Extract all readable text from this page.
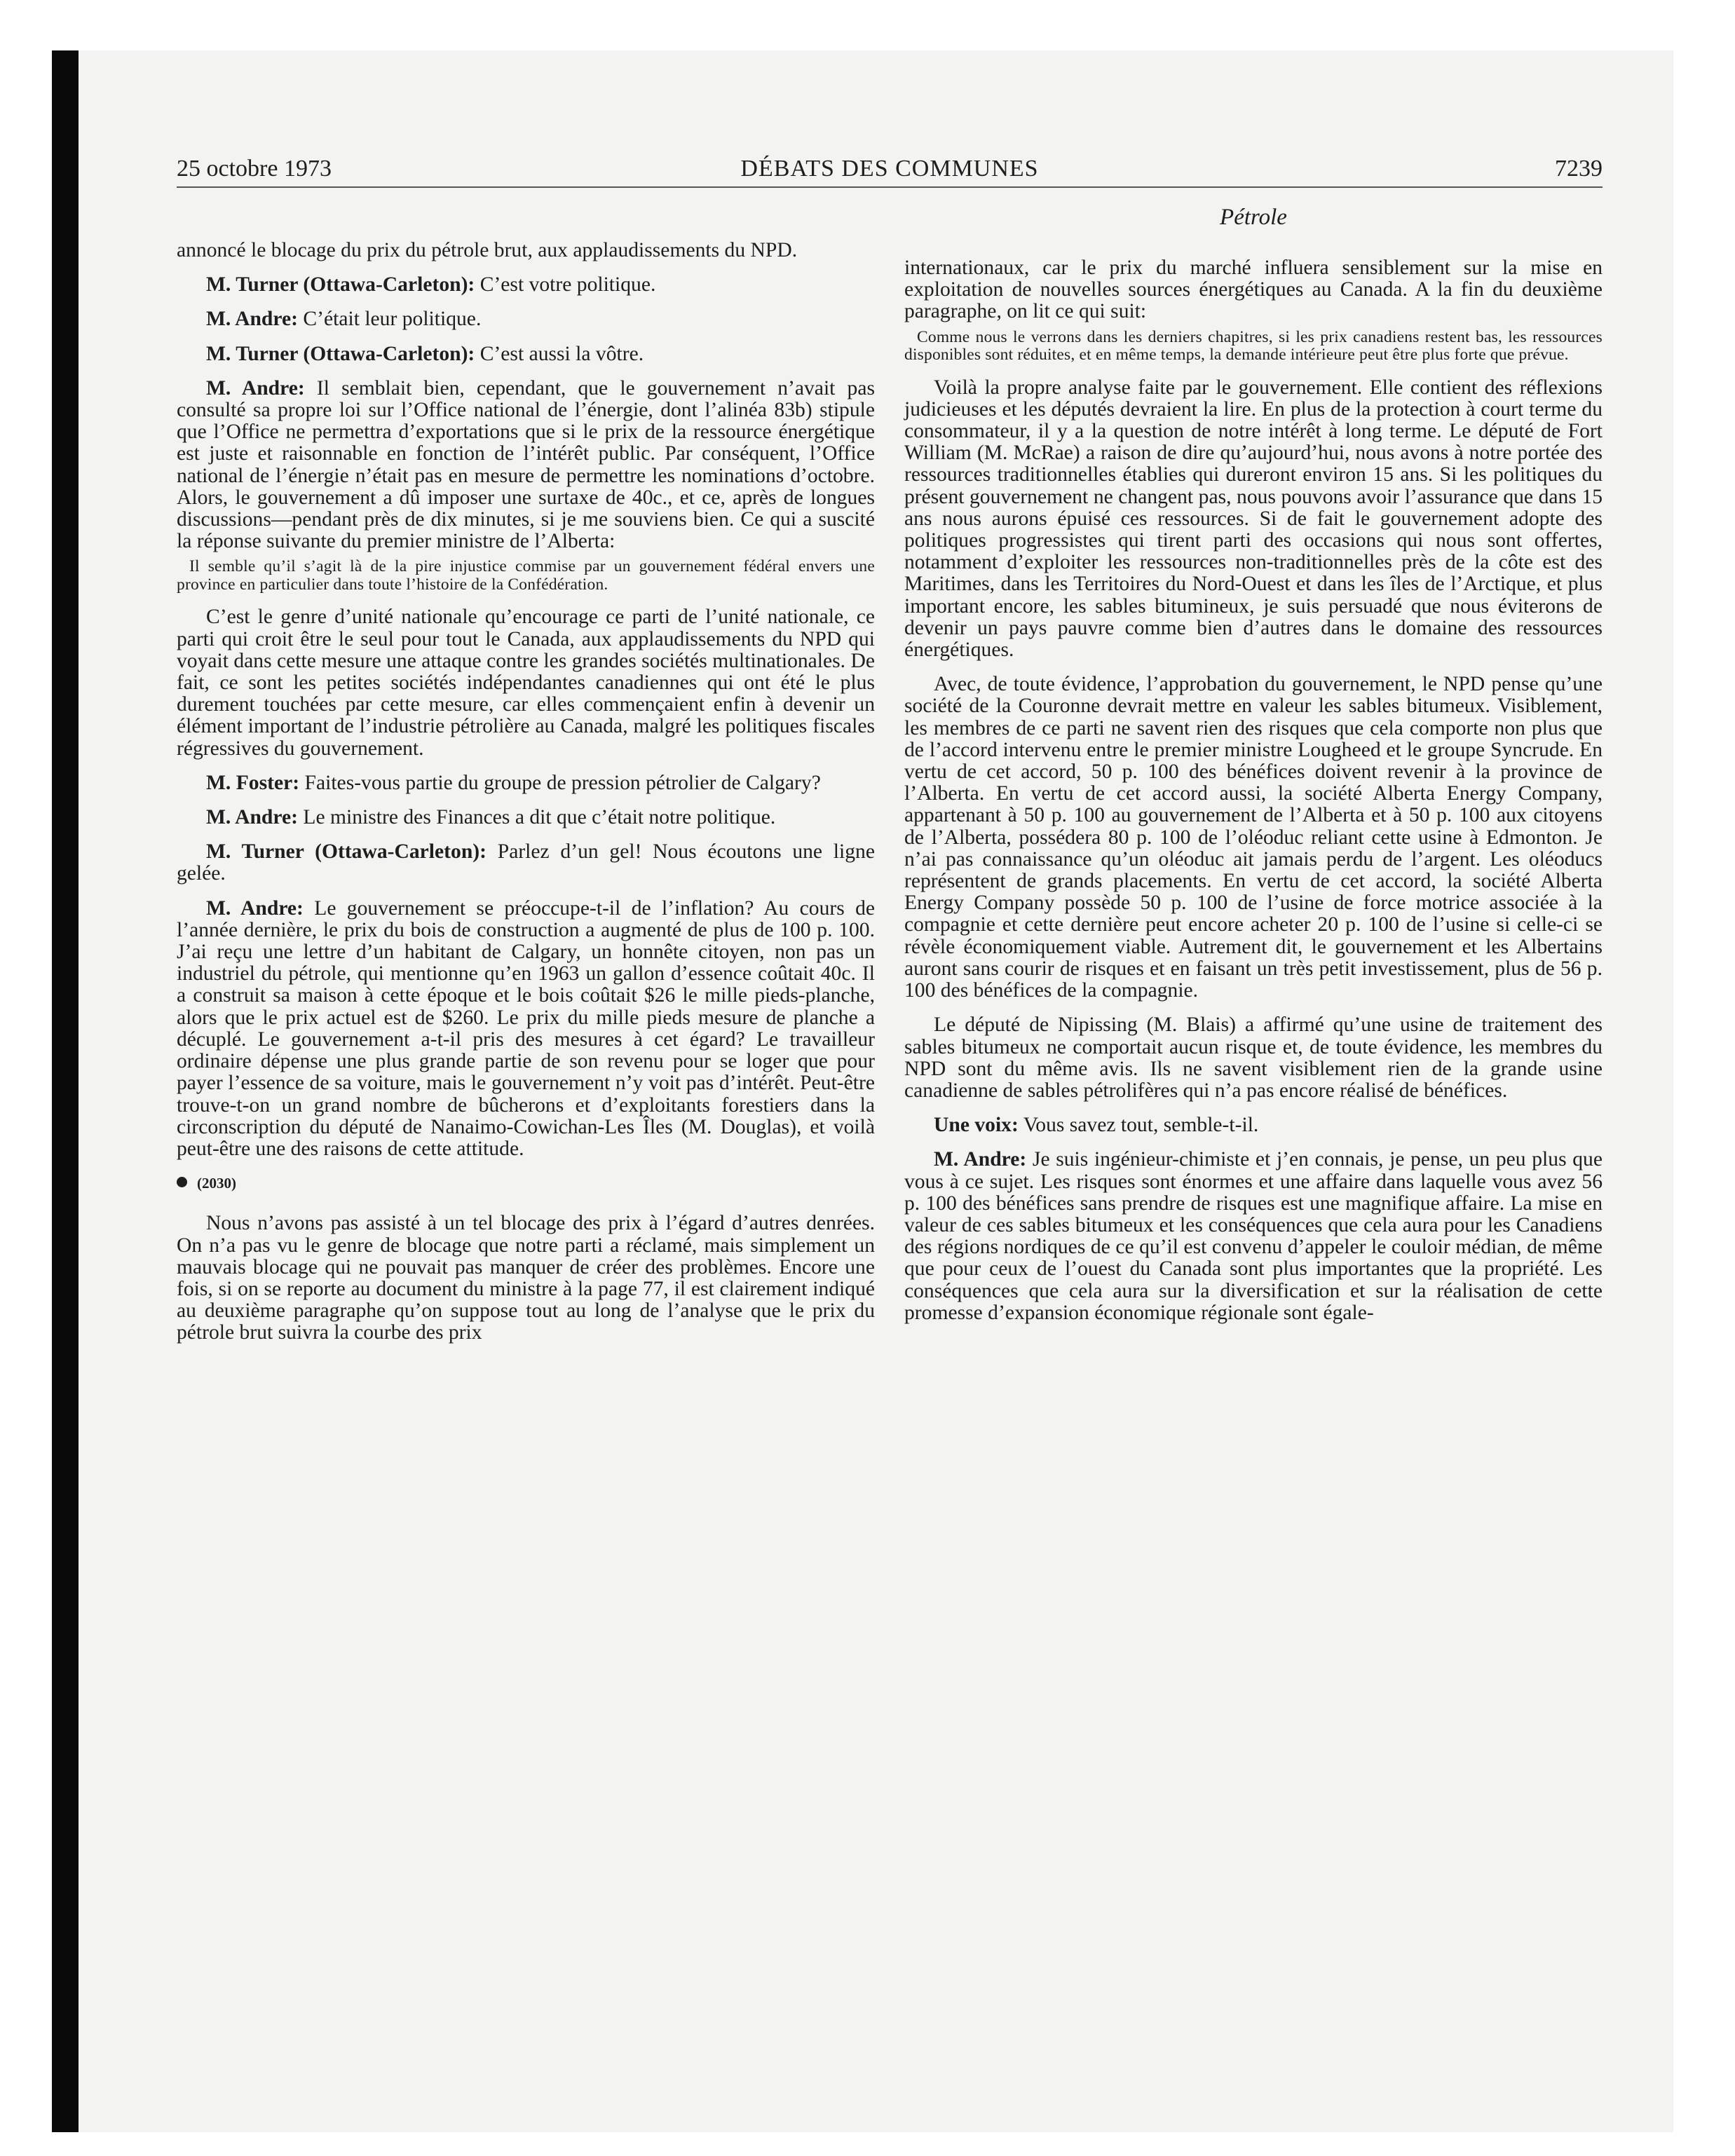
25 octobre 1973	DÉBATS DES COMMUNES	7239
Pétrole

annoncé le blocage du prix du pétrole brut, aux applaudissements du NPD.

M. Turner (Ottawa-Carleton): C’est votre politique.

M. Andre: C’était leur politique.

M. Turner (Ottawa-Carleton): C’est aussi la vôtre.

M. Andre: Il semblait bien, cependant, que le gouvernement n’avait pas consulté sa propre loi sur l’Office national de l’énergie, dont l’alinéa 83b) stipule que l’Office ne permettra d’exportations que si le prix de la ressource énergétique est juste et raisonnable en fonction de l’intérêt public. Par conséquent, l’Office national de l’énergie n’était pas en mesure de permettre les nominations d’octobre. Alors, le gouvernement a dû imposer une surtaxe de 40c., et ce, après de longues discussions—pendant près de dix minutes, si je me souviens bien. Ce qui a suscité la réponse suivante du premier ministre de l’Alberta:

Il semble qu’il s’agit là de la pire injustice commise par un gouvernement fédéral envers une province en particulier dans toute l’histoire de la Confédération.

C’est le genre d’unité nationale qu’encourage ce parti de l’unité nationale, ce parti qui croit être le seul pour tout le Canada, aux applaudissements du NPD qui voyait dans cette mesure une attaque contre les grandes sociétés multinationales. De fait, ce sont les petites sociétés indépendantes canadiennes qui ont été le plus durement touchées par cette mesure, car elles commençaient enfin à devenir un élément important de l’industrie pétrolière au Canada, malgré les politiques fiscales régressives du gouvernement.

M. Foster: Faites-vous partie du groupe de pression pétrolier de Calgary?

M. Andre: Le ministre des Finances a dit que c’était notre politique.

M. Turner (Ottawa-Carleton): Parlez d’un gel! Nous écoutons une ligne gelée.

M. Andre: Le gouvernement se préoccupe-t-il de l’inflation? Au cours de l’année dernière, le prix du bois de construction a augmenté de plus de 100 p. 100. J’ai reçu une lettre d’un habitant de Calgary, un honnête citoyen, non pas un industriel du pétrole, qui mentionne qu’en 1963 un gallon d’essence coûtait 40c. Il a construit sa maison à cette époque et le bois coûtait $26 le mille pieds-planche, alors que le prix actuel est de $260. Le prix du mille pieds mesure de planche a décuplé. Le gouvernement a-t-il pris des mesures à cet égard? Le travailleur ordinaire dépense une plus grande partie de son revenu pour se loger que pour payer l’essence de sa voiture, mais le gouvernement n’y voit pas d’intérêt. Peut-être trouve-t-on un grand nombre de bûcherons et d’exploitants forestiers dans la circonscription du député de Nanaimo-Cowichan-Les Îles (M. Douglas), et voilà peut-être une des raisons de cette attitude.

(2030)

Nous n’avons pas assisté à un tel blocage des prix à l’égard d’autres denrées. On n’a pas vu le genre de blocage que notre parti a réclamé, mais simplement un mauvais blocage qui ne pouvait pas manquer de créer des problèmes. Encore une fois, si on se reporte au document du ministre à la page 77, il est clairement indiqué au deuxième paragraphe qu’on suppose tout au long de l’analyse que le prix du pétrole brut suivra la courbe des prix

internationaux, car le prix du marché influera sensiblement sur la mise en exploitation de nouvelles sources énergétiques au Canada. A la fin du deuxième paragraphe, on lit ce qui suit:

Comme nous le verrons dans les derniers chapitres, si les prix canadiens restent bas, les ressources disponibles sont réduites, et en même temps, la demande intérieure peut être plus forte que prévue.

Voilà la propre analyse faite par le gouvernement. Elle contient des réflexions judicieuses et les députés devraient la lire. En plus de la protection à court terme du consommateur, il y a la question de notre intérêt à long terme. Le député de Fort William (M. McRae) a raison de dire qu’aujourd’hui, nous avons à notre portée des ressources traditionnelles établies qui dureront environ 15 ans. Si les politiques du présent gouvernement ne changent pas, nous pouvons avoir l’assurance que dans 15 ans nous aurons épuisé ces ressources. Si de fait le gouvernement adopte des politiques progressistes qui tirent parti des occasions qui nous sont offertes, notamment d’exploiter les ressources non-traditionnelles près de la côte est des Maritimes, dans les Territoires du Nord-Ouest et dans les îles de l’Arctique, et plus important encore, les sables bitumineux, je suis persuadé que nous éviterons de devenir un pays pauvre comme bien d’autres dans le domaine des ressources énergétiques.

Avec, de toute évidence, l’approbation du gouvernement, le NPD pense qu’une société de la Couronne devrait mettre en valeur les sables bitumeux. Visiblement, les membres de ce parti ne savent rien des risques que cela comporte non plus que de l’accord intervenu entre le premier ministre Lougheed et le groupe Syncrude. En vertu de cet accord, 50 p. 100 des bénéfices doivent revenir à la province de l’Alberta. En vertu de cet accord aussi, la société Alberta Energy Company, appartenant à 50 p. 100 au gouvernement de l’Alberta et à 50 p. 100 aux citoyens de l’Alberta, possédera 80 p. 100 de l’oléoduc reliant cette usine à Edmonton. Je n’ai pas connaissance qu’un oléoduc ait jamais perdu de l’argent. Les oléoducs représentent de grands placements. En vertu de cet accord, la société Alberta Energy Company possède 50 p. 100 de l’usine de force motrice associée à la compagnie et cette dernière peut encore acheter 20 p. 100 de l’usine si celle-ci se révèle économiquement viable. Autrement dit, le gouvernement et les Albertains auront sans courir de risques et en faisant un très petit investissement, plus de 56 p. 100 des bénéfices de la compagnie.

Le député de Nipissing (M. Blais) a affirmé qu’une usine de traitement des sables bitumeux ne comportait aucun risque et, de toute évidence, les membres du NPD sont du même avis. Ils ne savent visiblement rien de la grande usine canadienne de sables pétrolifères qui n’a pas encore réalisé de bénéfices.

Une voix: Vous savez tout, semble-t-il.

M. Andre: Je suis ingénieur-chimiste et j’en connais, je pense, un peu plus que vous à ce sujet. Les risques sont énormes et une affaire dans laquelle vous avez 56 p. 100 des bénéfices sans prendre de risques est une magnifique affaire. La mise en valeur de ces sables bitumeux et les conséquences que cela aura pour les Canadiens des régions nordiques de ce qu’il est convenu d’appeler le couloir médian, de même que pour ceux de l’ouest du Canada sont plus importantes que la propriété. Les conséquences que cela aura sur la diversification et sur la réalisation de cette promesse d’expansion économique régionale sont égale-
